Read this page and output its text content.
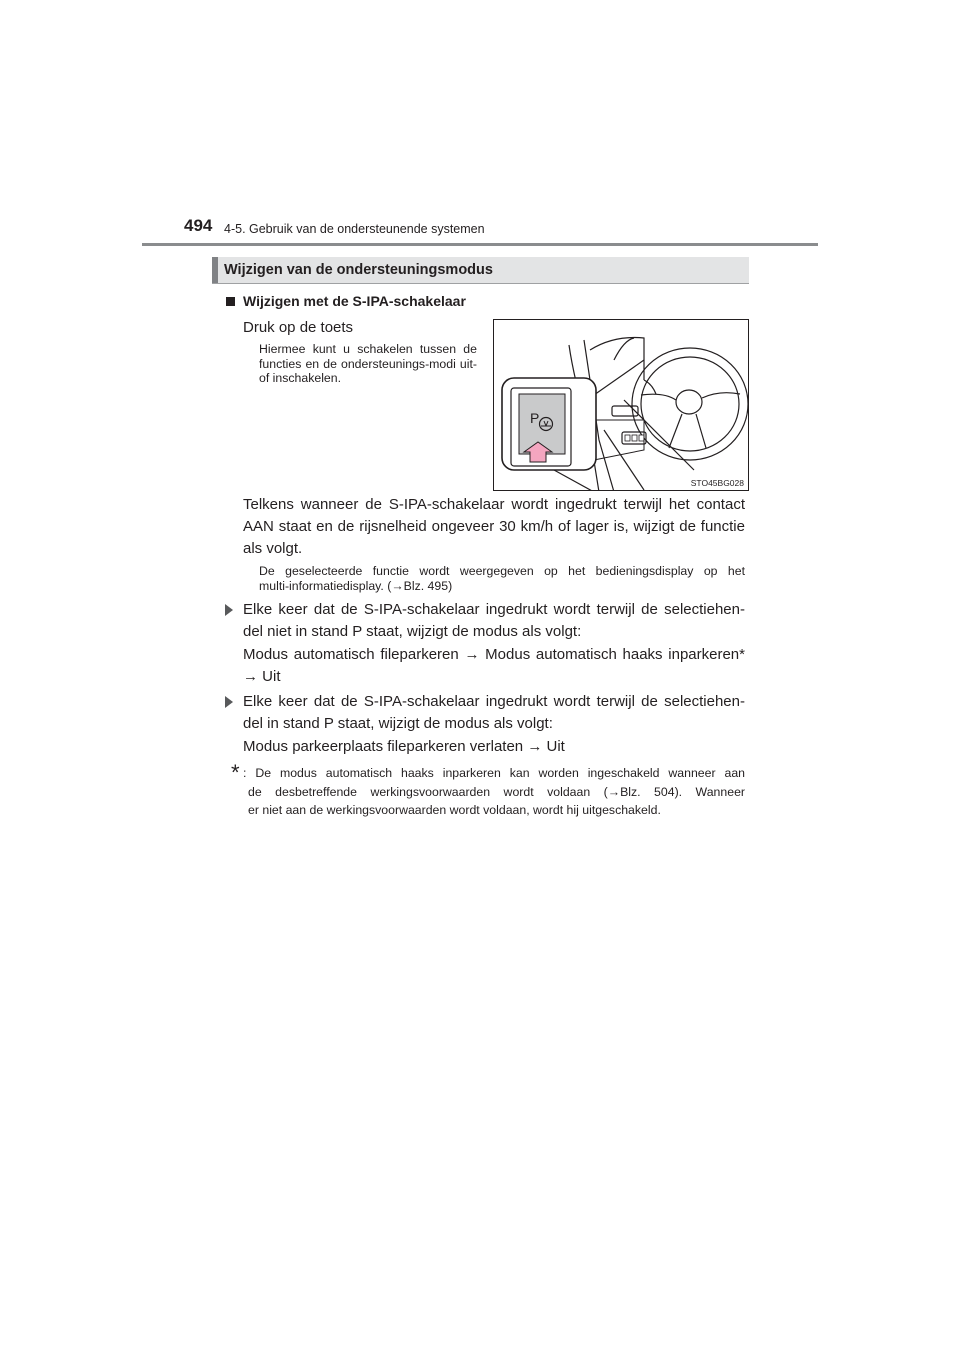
494 4-5. Gebruik van de ondersteunende systemen
Wijzigen van de ondersteuningsmodus
Wijzigen met de S-IPA-schakelaar
Druk op de toets
Hiermee kunt u schakelen tussen de functies en de ondersteunings-modi uit- of inschakelen.
P
STO45BG028
Telkens wanneer de S-IPA-schakelaar wordt ingedrukt terwijl het contact
AAN staat en de rijsnelheid ongeveer 30 km/h of lager is, wijzigt de functie
als volgt.
De geselecteerde functie wordt weergegeven op het bedieningsdisplay op het
multi-informatiedisplay. (→Blz. 495)
Elke keer dat de S-IPA-schakelaar ingedrukt wordt terwijl de selectiehen-
del niet in stand P staat, wijzigt de modus als volgt:
Modus automatisch fileparkeren → Modus automatisch haaks inparkeren*
→ Uit
Elke keer dat de S-IPA-schakelaar ingedrukt wordt terwijl de selectiehen-
del in stand P staat, wijzigt de modus als volgt:
Modus parkeerplaats fileparkeren verlaten → Uit
* : De modus automatisch haaks inparkeren kan worden ingeschakeld wanneer aan
de desbetreffende werkingsvoorwaarden wordt voldaan (→Blz. 504). Wanneer
er niet aan de werkingsvoorwaarden wordt voldaan, wordt hij uitgeschakeld.
